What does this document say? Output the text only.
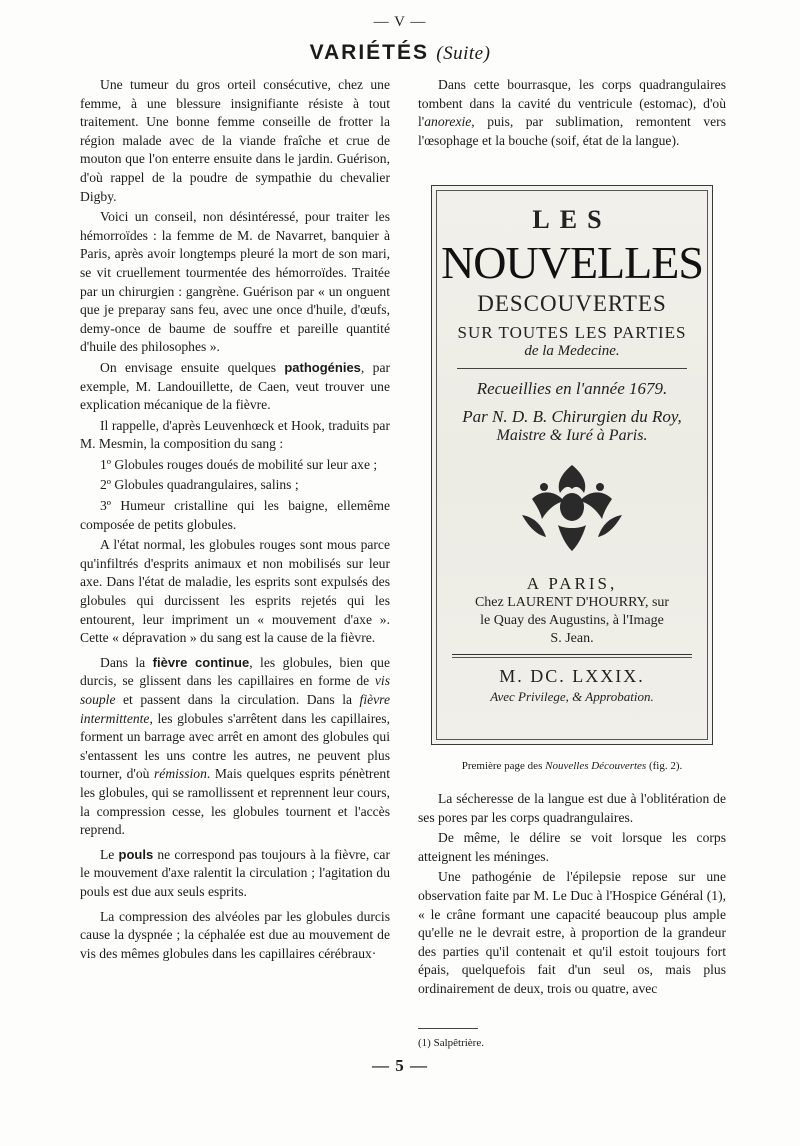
— V —
VARIÉTÉS (Suite)

Une tumeur du gros orteil consécutive, chez une femme, à une blessure insignifiante résiste à tout traitement. Une bonne femme conseille de frotter la région malade avec de la viande fraîche et crue de mouton que l'on enterre ensuite dans le jardin. Guérison, d'où rappel de la poudre de sympathie du chevalier Digby.

Voici un conseil, non désintéressé, pour traiter les hémorroïdes : la femme de M. de Navarret, banquier à Paris, après avoir longtemps pleuré la mort de son mari, se vit cruellement tourmentée des hémorroïdes. Traitée par un chirurgien : gangrène. Guérison par « un onguent que je preparay sans feu, avec une once d'huile, d'œufs, demy-once de baume de souffre et pareille quantité d'huile des philosophes ».

On envisage ensuite quelques pathogénies, par exemple, M. Landouillette, de Caen, veut trouver une explication mécanique de la fièvre.

Il rappelle, d'après Leuvenhœck et Hook, traduits par M. Mesmin, la composition du sang :

1º Globules rouges doués de mobilité sur leur axe ;

2º Globules quadrangulaires, salins ;

3º Humeur cristalline qui les baigne, ellemême composée de petits globules.

A l'état normal, les globules rouges sont mous parce qu'infiltrés d'esprits animaux et non mobilisés sur leur axe. Dans l'état de maladie, les esprits sont expulsés des globules qui durcissent les esprits rejetés qui les entourent, leur impriment un « mouvement d'axe ». Cette « dépravation » du sang est la cause de la fièvre.

Dans la fièvre continue, les globules, bien que durcis, se glissent dans les capillaires en forme de vis souple et passent dans la circulation. Dans la fièvre intermittente, les globules s'arrêtent dans les capillaires, forment un barrage avec arrêt en amont des globules qui s'entassent les uns contre les autres, ne peuvent plus tourner, d'où rémission. Mais quelques esprits pénètrent les globules, qui se ramollissent et reprennent leur cours, la compression cesse, les globules tournent et l'accès reprend.

Le pouls ne correspond pas toujours à la fièvre, car le mouvement d'axe ralentit la circulation ; l'agitation du pouls est due aux seuls esprits.

La compression des alvéoles par les globules durcis cause la dyspnée ; la céphalée est due au mouvement de vis des mêmes globules dans les capillaires cérébraux·

Dans cette bourrasque, les corps quadrangulaires tombent dans la cavité du ventricule (estomac), d'où l'anorexie, puis, par sublimation, remontent vers l'œsophage et la bouche (soif, état de la langue).

LES
NOUVELLES
DESCOUVERTES
SUR TOUTES LES PARTIES
de la Medecine.
Recueillies en l'année 1679.
Par N. D. B. Chirurgien du Roy,
Maistre & Iuré à Paris.
A PARIS,
Chez LAURENT D'HOURRY, sur
le Quay des Augustins, à l'Image
S. Jean.
M. DC. LXXIX.
Avec Privilege, & Approbation.
Première page des Nouvelles Découvertes (fig. 2).

La sécheresse de la langue est due à l'oblitération de ses pores par les corps quadrangulaires.

De même, le délire se voit lorsque les corps atteignent les méninges.

Une pathogénie de l'épilepsie repose sur une observation faite par M. Le Duc à l'Hospice Général (1), « le crâne formant une capacité beaucoup plus ample qu'elle ne le devrait estre, à proportion de la grandeur des parties qu'il contenait et qu'il estoit toujours fort épais, quelquefois fait d'un seul os, mais plus ordinairement de deux, trois ou quatre, avec

(1) Salpêtrière.
— 5 —
